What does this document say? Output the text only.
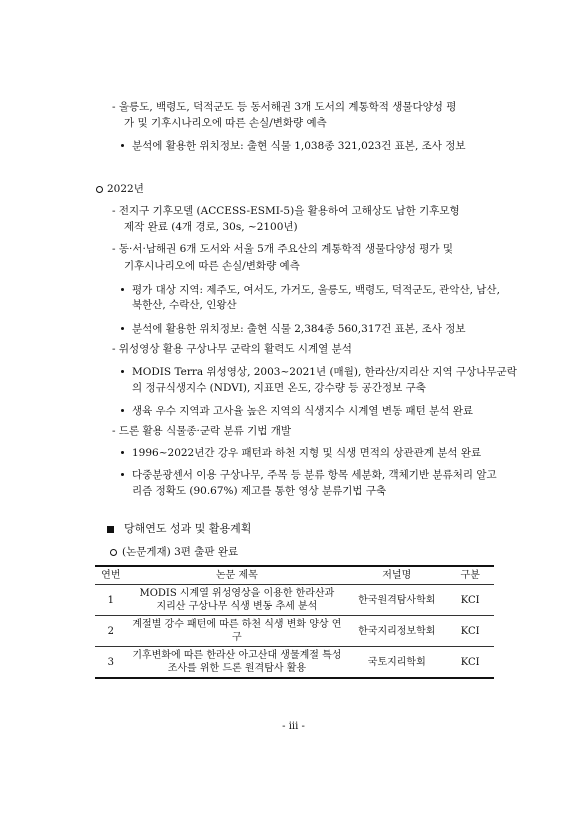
- 울릉도, 백령도, 덕적군도 등 동서해권 3개 도서의 계통학적 생물다양성 평
가 및 기후시나리오에 따른 손실/변화량 예측
분석에 활용한 위치정보: 출현 식물 1,038종 321,023건 표본, 조사 정보
2022년
- 전지구 기후모델 (ACCESS-ESMI-5)을 활용하여 고해상도 남한 기후모형
제작 완료 (4개 경로, 30s, ~2100년)
- 동·서·남해권 6개 도서와 서울 5개 주요산의 계통학적 생물다양성 평가 및
기후시나리오에 따른 손실/변화량 예측
평가 대상 지역: 제주도, 여서도, 가거도, 울릉도, 백령도, 덕적군도, 관악산, 남산,
북한산, 수락산, 인왕산
분석에 활용한 위치정보: 출현 식물 2,384종 560,317건 표본, 조사 정보
- 위성영상 활용 구상나무 군락의 활력도 시계열 분석
MODIS Terra 위성영상, 2003~2021년 (매월), 한라산/지리산 지역 구상나무군락
의 정규식생지수 (NDVI), 지표면 온도, 강수량 등 공간정보 구축
생육 우수 지역과 고사율 높은 지역의 식생지수 시계열 변동 패턴 분석 완료
- 드론 활용 식물종·군락 분류 기법 개발
1996~2022년간 강우 패턴과 하천 지형 및 식생 면적의 상관관계 분석 완료
다중분광센서 이용 구상나무, 주목 등 분류 항목 세분화, 객체기반 분류처리 알고
리즘 정확도 (90.67%) 제고를 통한 영상 분류기법 구축
당해연도 성과 및 활용계획
(논문게재) 3편 출판 완료
연번	논문 제목	저널명	구분
1	MODIS 시계열 위성영상을 이용한 한라산과
지리산 구상나무 식생 변동 추세 분석	한국원격탐사학회	KCI
2	계절별 강수 패턴에 따른 하천 식생 변화 양상 연구	한국지리정보학회	KCI
3	기후변화에 따른 한라산 아고산대 생물계절 특성
조사를 위한 드론 원격탐사 활용	국토지리학회	KCI
- iii -
